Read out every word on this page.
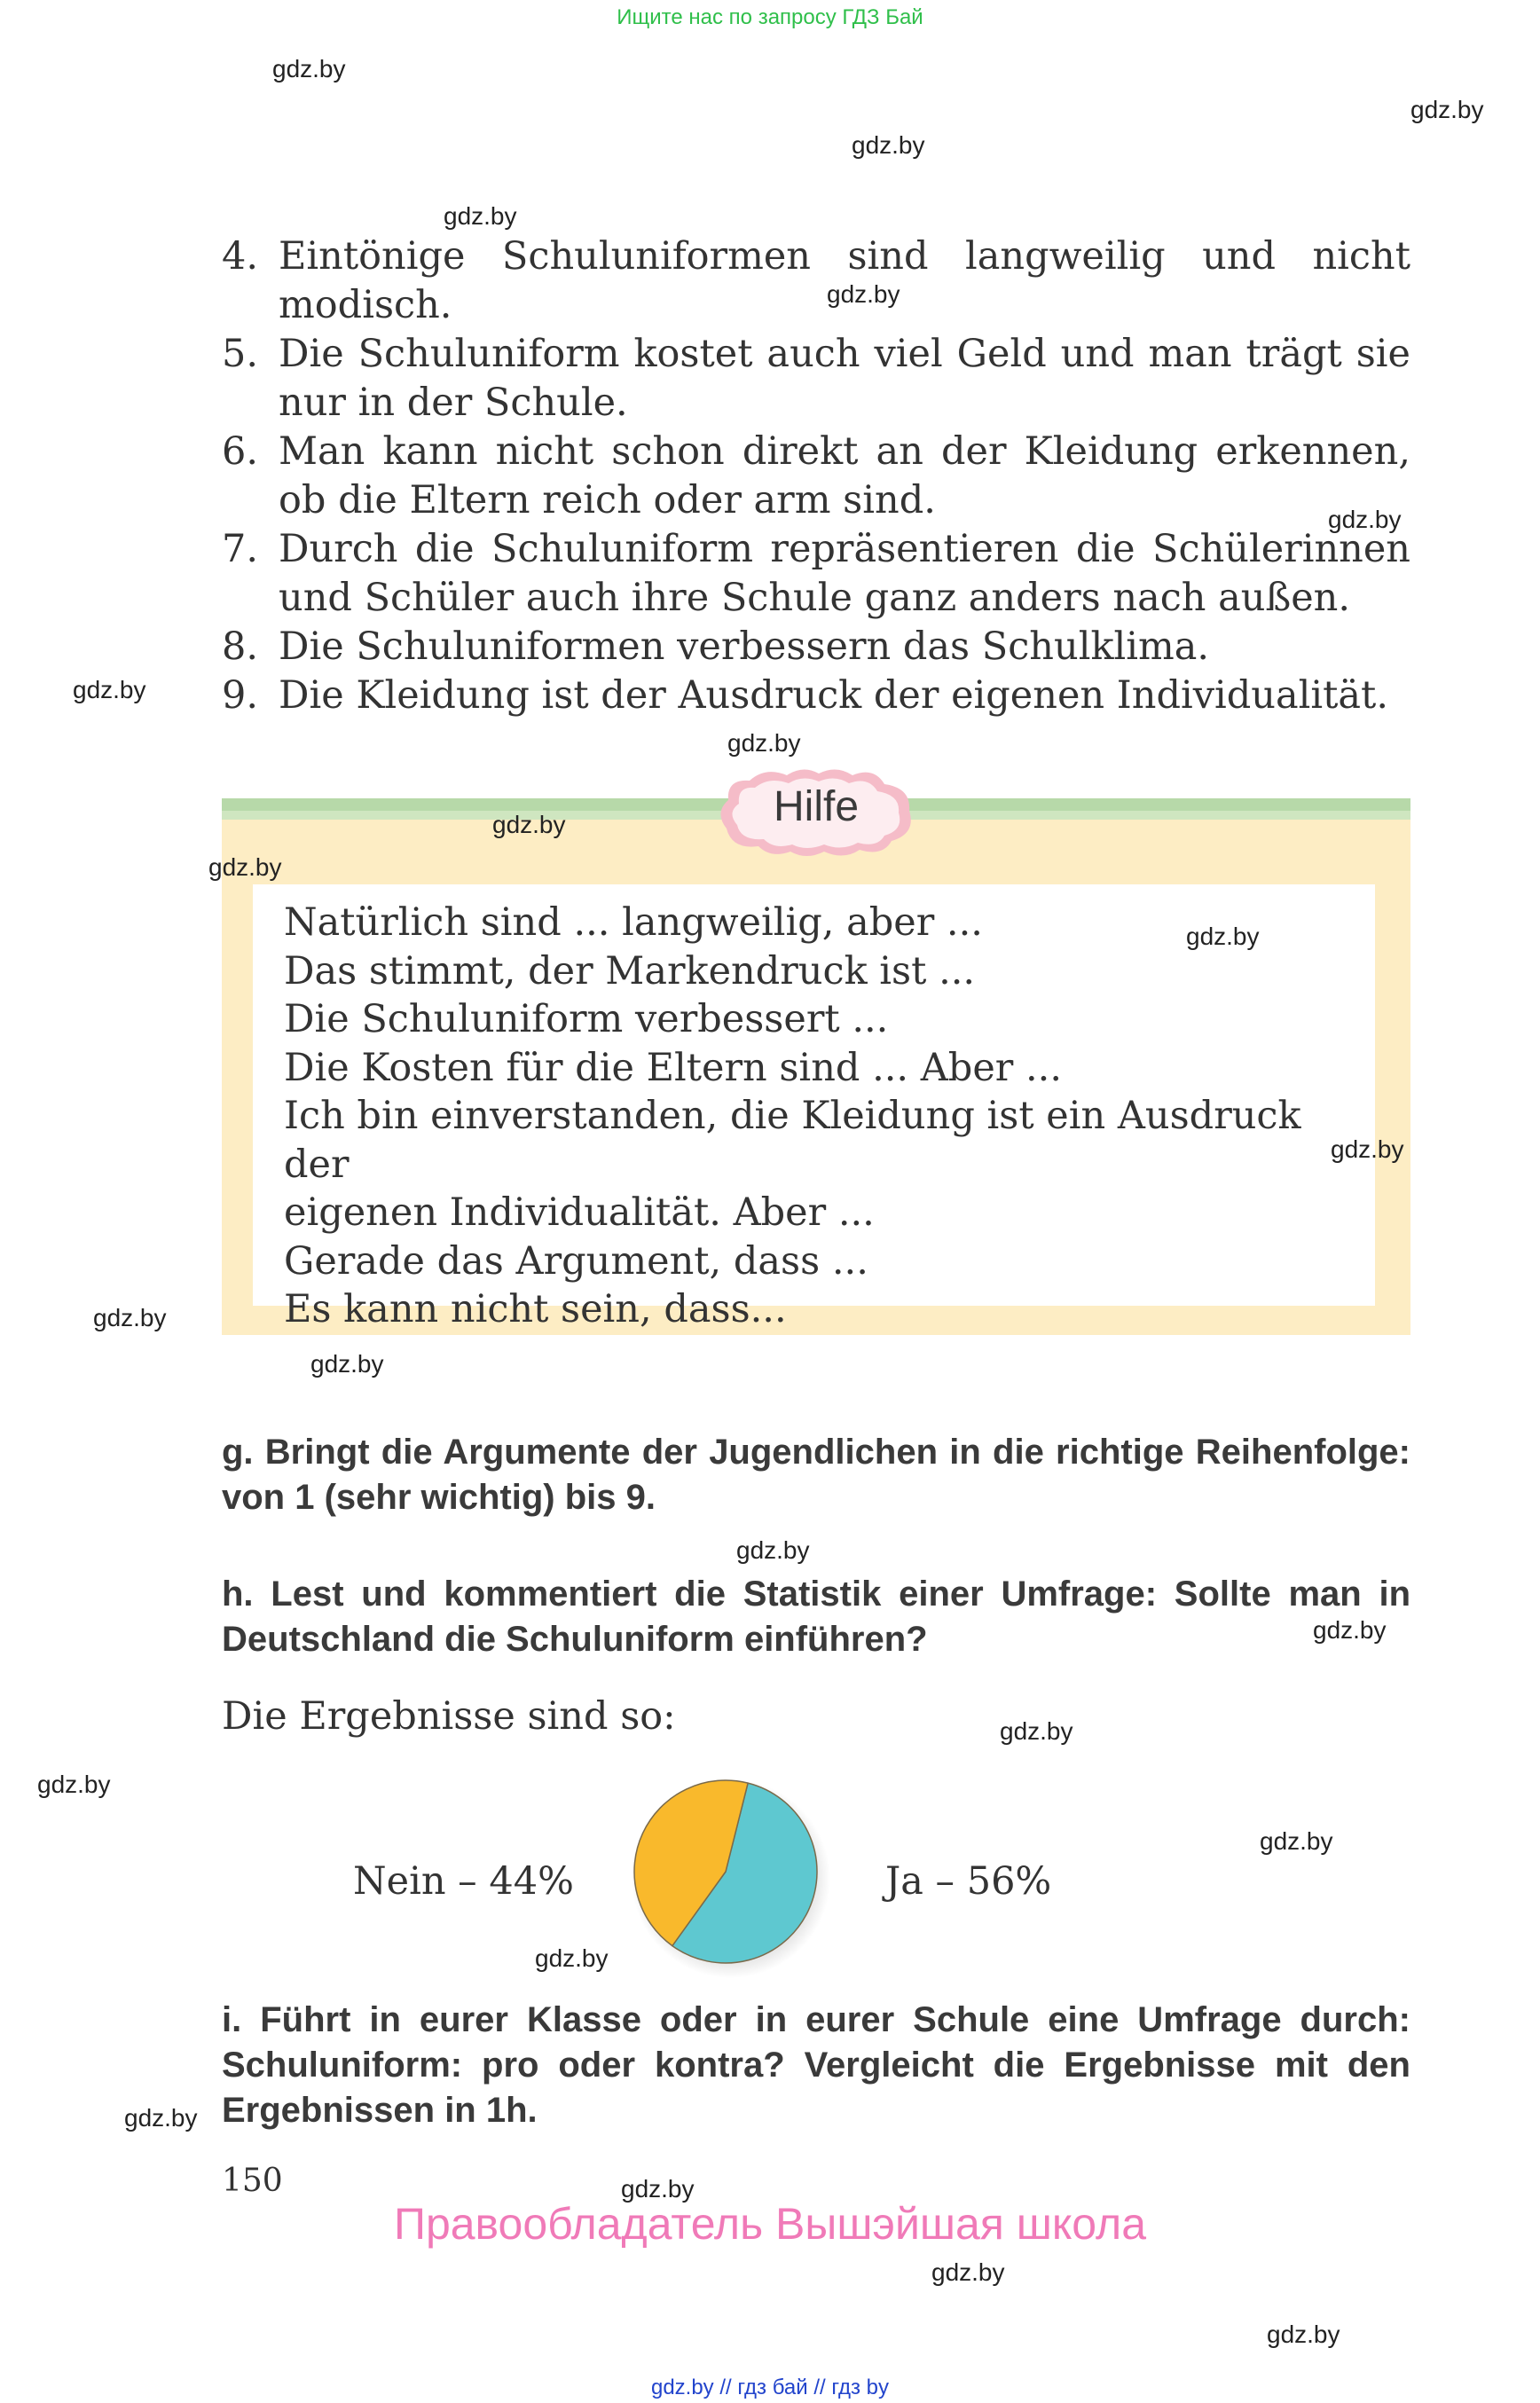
Ищите нас по запросу ГДЗ Бай
gdz.by
gdz.by
gdz.by
gdz.by
gdz.by
gdz.by
gdz.by
gdz.by
4. Eintönige Schuluniformen sind langweilig und nicht modisch.
5. Die Schuluniform kostet auch viel Geld und man trägt sie nur in der Schule.
6. Man kann nicht schon direkt an der Kleidung erkennen, ob die Eltern reich oder arm sind.
7. Durch die Schuluniform repräsentieren die Schülerinnen und Schüler auch ihre Schule ganz anders nach außen.
8. Die Schuluniformen verbessern das Schulklima.
9. Die Kleidung ist der Ausdruck der eigenen Individualität.
Hilfe
gdz.by
gdz.by
gdz.by
gdz.by
Natürlich sind ... langweilig, aber ...
Das stimmt, der Markendruck ist ...
Die Schuluniform verbessert ...
Die Kosten für die Eltern sind ... Aber ...
Ich bin einverstanden, die Kleidung ist ein Ausdruck der
eigenen Individualität. Aber ...
Gerade das Argument, dass ...
Es kann nicht sein, dass...
gdz.by
gdz.by
g. Bringt die Argumente der Jugendlichen in die richtige Reihenfolge: von 1 (sehr wichtig) bis 9.
gdz.by
h. Lest und kommentiert die Statistik einer Umfrage: Sollte man in Deutschland die Schuluniform einführen?	gdz.by
Die Ergebnisse sind so:	gdz.by
gdz.by
gdz.by
Nein – 44%	Ja – 56%
gdz.by
i. Führt in eurer Klasse oder in eurer Schule eine Umfrage durch: Schuluniform: pro oder kontra? Vergleicht die Ergebnisse mit den Ergebnissen in 1h.
gdz.by
150	gdz.by
Правообладатель Вышэйшая школа
gdz.by
gdz.by
gdz.by // гдз бай // гдз by
